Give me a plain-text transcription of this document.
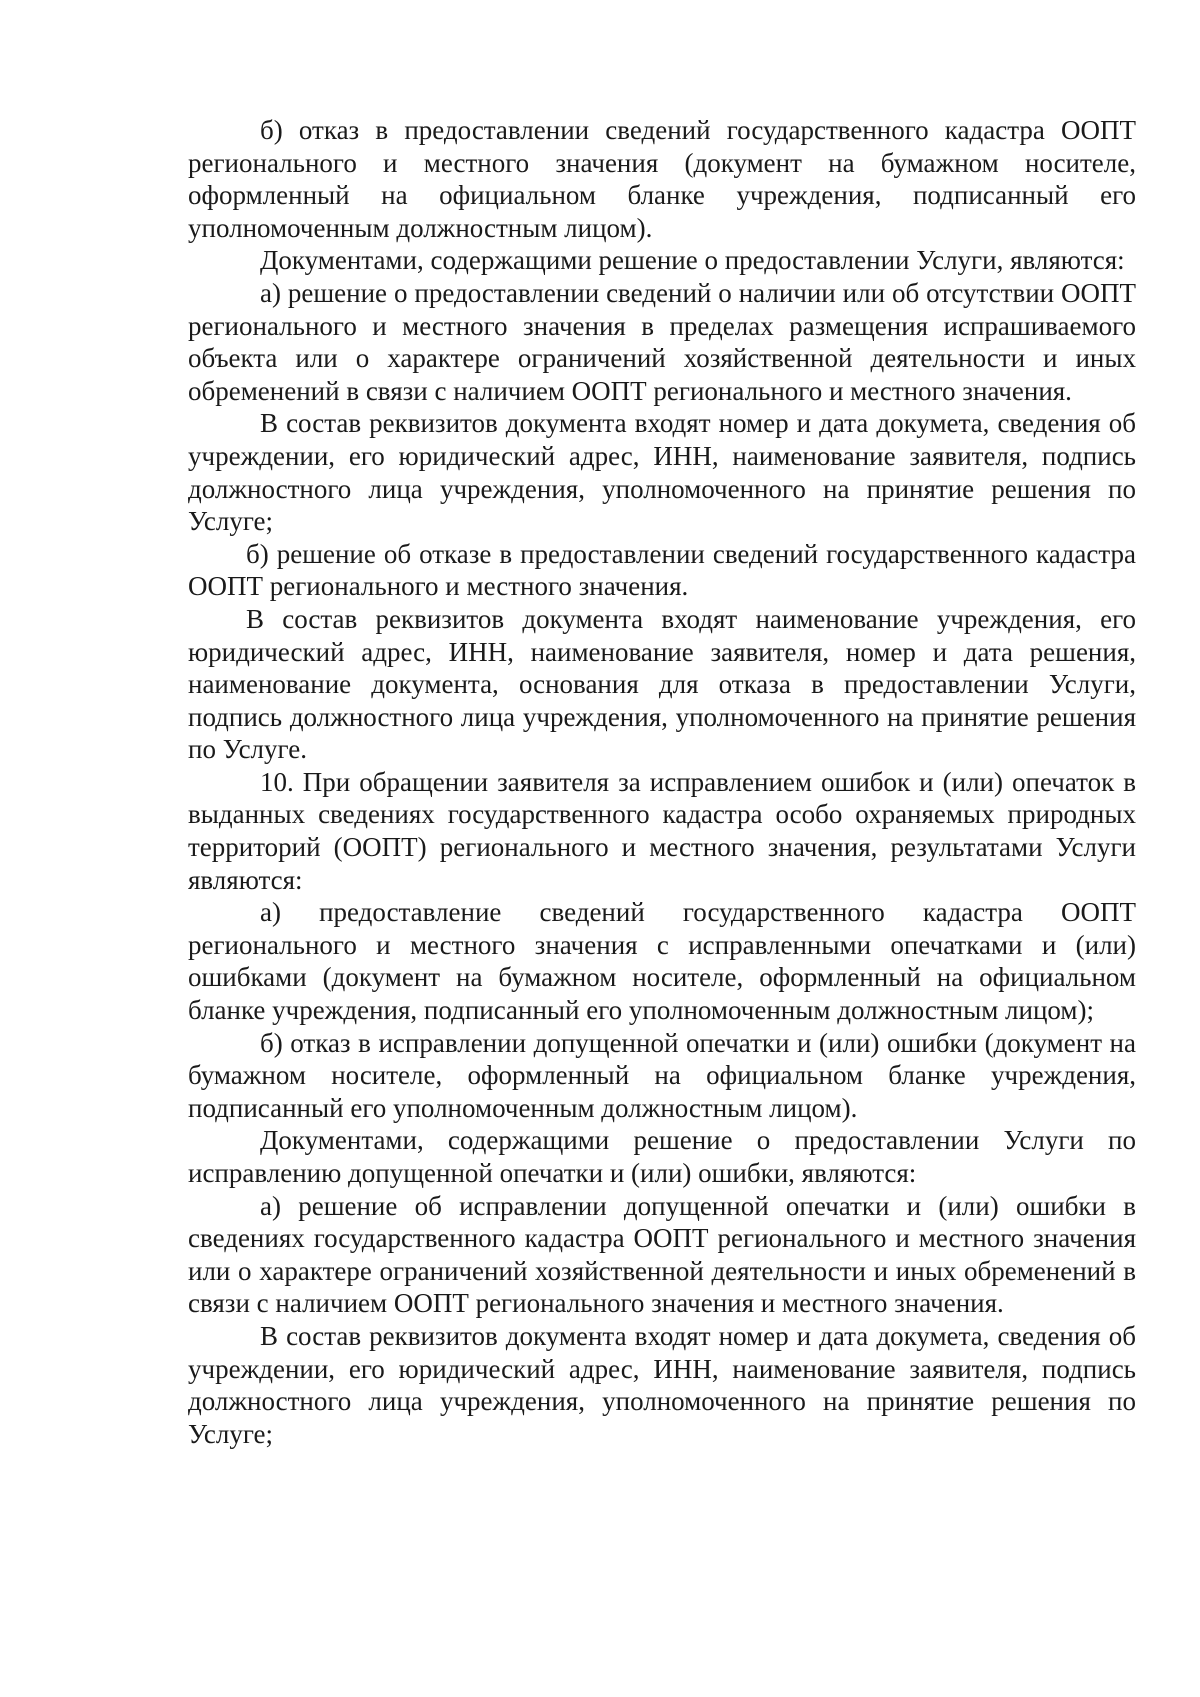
б) отказ в предоставлении сведений государственного кадастра ООПТ регионального и местного значения (документ на бумажном носителе, оформленный на официальном бланке учреждения, подписанный его уполномоченным должностным лицом).

Документами, содержащими решение о предоставлении Услуги, являются:

а) решение о предоставлении сведений о наличии или об отсутствии ООПТ регионального и местного значения в пределах размещения испрашиваемого объекта или о характере ограничений хозяйственной деятельности и иных обременений в связи с наличием ООПТ регионального и местного значения.

В состав реквизитов документа входят номер и дата докумета, сведения об учреждении, его юридический адрес, ИНН, наименование заявителя, подпись должностного лица учреждения, уполномоченного на принятие решения по Услуге;

б) решение об отказе в предоставлении сведений государственного кадастра ООПТ регионального и местного значения.

В состав реквизитов документа входят наименование учреждения, его юридический адрес, ИНН, наименование заявителя, номер и дата решения, наименование документа, основания для отказа в предоставлении Услуги, подпись должностного лица учреждения, уполномоченного на принятие решения по Услуге.

10. При обращении заявителя за исправлением ошибок и (или) опечаток в выданных сведениях государственного кадастра особо охраняемых природных территорий (ООПТ) регионального и местного значения, результатами Услуги являются:

а) предоставление сведений государственного кадастра ООПТ регионального и местного значения с исправленными опечатками и (или) ошибками (документ на бумажном носителе, оформленный на официальном бланке учреждения, подписанный его уполномоченным должностным лицом);

б) отказ в исправлении допущенной опечатки и (или) ошибки (документ на бумажном носителе, оформленный на официальном бланке учреждения, подписанный его уполномоченным должностным лицом).

Документами, содержащими решение о предоставлении Услуги по исправлению допущенной опечатки и (или) ошибки, являются:

а) решение об исправлении допущенной опечатки и (или) ошибки в сведениях государственного кадастра ООПТ регионального и местного значения или о характере ограничений хозяйственной деятельности и иных обременений в связи с наличием ООПТ регионального значения и местного значения.

В состав реквизитов документа входят номер и дата докумета, сведения об учреждении, его юридический адрес, ИНН, наименование заявителя, подпись должностного лица учреждения, уполномоченного на принятие решения по Услуге;
